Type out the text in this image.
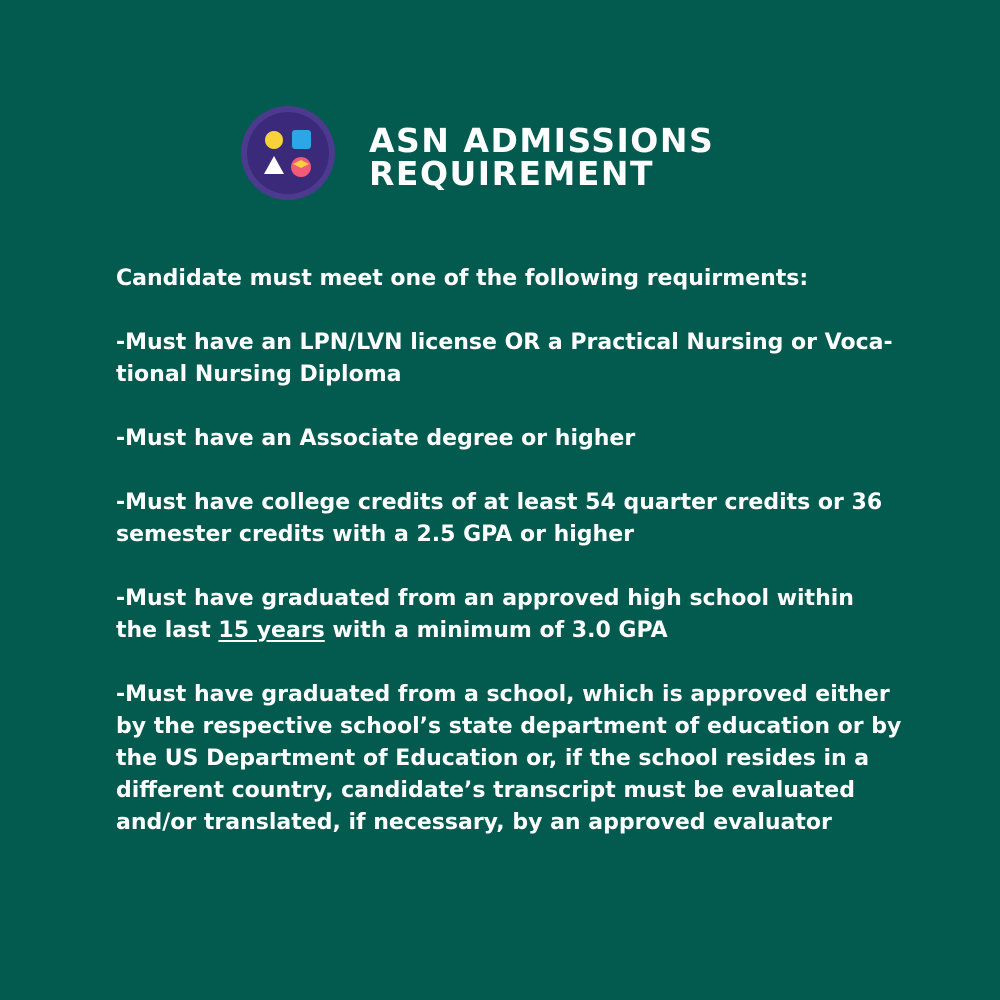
ASN ADMISSIONS
REQUIREMENT

Candidate must meet one of the following requirments:

-Must have an LPN/LVN license OR a Practical Nursing or Voca-
tional Nursing Diploma

-Must have an Associate degree or higher

-Must have college credits of at least 54 quarter credits or 36
semester credits with a 2.5 GPA or higher

-Must have graduated from an approved high school within
the last 15 years with a minimum of 3.0 GPA

-Must have graduated from a school, which is approved either
by the respective school’s state department of education or by
the US Department of Education or, if the school resides in a
different country, candidate’s transcript must be evaluated
and/or translated, if necessary, by an approved evaluator
